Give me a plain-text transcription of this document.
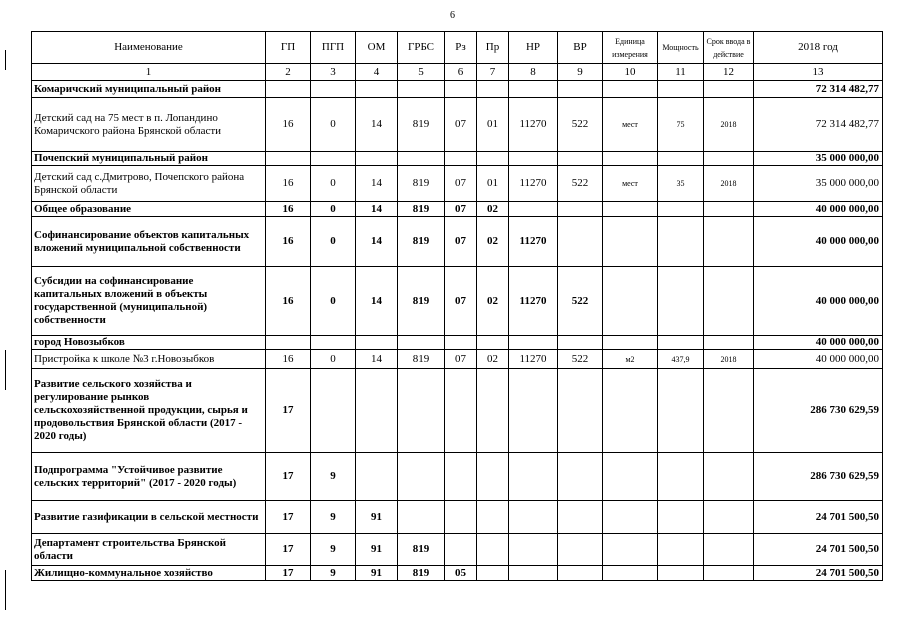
6
Наименование	ГП	ПГП	ОМ	ГРБС	Рз	Пр	НР	ВР	Единица измерения	Мощность	Срок ввода в действие	2018 год
1	2	3	4	5	6	7	8	9	10	11	12	13
Комаричский муниципальный район												72 314 482,77
Детский сад на 75 мест в п. Лопандино Комаричского района Брянской области	16	0	14	819	07	01	11270	522	мест	75	2018	72 314 482,77
Почепский муниципальный район												35 000 000,00
Детский сад с.Дмитрово, Почепского района Брянской области	16	0	14	819	07	01	11270	522	мест	35	2018	35 000 000,00
Общее образование	16	0	14	819	07	02						40 000 000,00
Софинансирование объектов капитальных вложений муниципальной собственности	16	0	14	819	07	02	11270					40 000 000,00
Субсидии на софинансирование капитальных вложений в объекты государственной (муниципальной) собственности	16	0	14	819	07	02	11270	522				40 000 000,00
город Новозыбков												40 000 000,00
Пристройка к школе №3 г.Новозыбков	16	0	14	819	07	02	11270	522	м2	437,9	2018	40 000 000,00
Развитие сельского хозяйства и регулирование рынков сельскохозяйственной продукции, сырья и продовольствия Брянской области (2017 - 2020 годы)	17											286 730 629,59
Подпрограмма "Устойчивое развитие сельских территорий" (2017 - 2020 годы)	17	9										286 730 629,59
Развитие газификации в сельской местности	17	9	91									24 701 500,50
Департамент строительства Брянской области	17	9	91	819								24 701 500,50
Жилищно-коммунальное хозяйство	17	9	91	819	05							24 701 500,50
